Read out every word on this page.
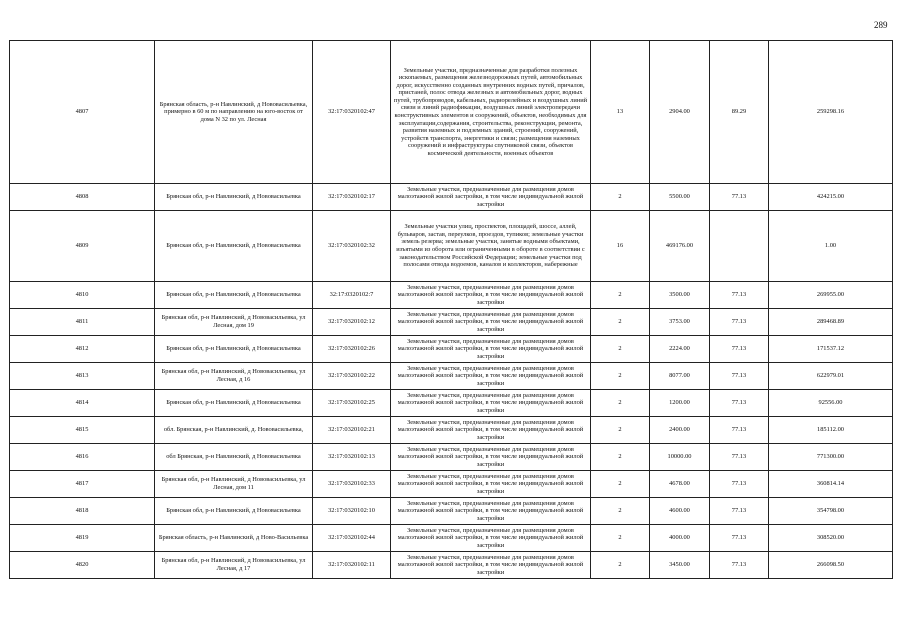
289
4807	Брянская область, р-н Навлинский, д Нововасильевка, примерно в 60 м по направлению на юго-восток от дома N 32 по ул. Лесная	32:17:0320102:47	Земельные участки, предназначенные для разработки полезных ископаемых, размещения железнодорожных путей, автомобильных дорог, искусственно созданных внутренних водных путей, причалов, пристаней, полос отвода железных и автомобильных дорог, водных путей, трубопроводов, кабельных, радиорелейных и воздушных линий связи и линий радиофикации, воздушных линий электропередачи конструктивных элементов и сооружений, объектов, необходимых для эксплуатации,содержания, строительства, реконструкции, ремонта, развития наземных и подземных зданий, строений, сооружений, устройств транспорта, энергетики и связи; размещения наземных сооружений и инфраструктуры спутниковой связи, объектов космической деятельности, военных объектов	13	2904.00	89.29	259298.16
4808	Брянская обл, р-н Навлинский, д Нововасильевка	32:17:0320102:17	Земельные участки, предназначенные для размещения домов малоэтажной жилой застройки, в том числе индивидуальной жилой застройки	2	5500.00	77.13	424215.00
4809	Брянская обл, р-н Навлинский, д Нововасильевка	32:17:0320102:32	Земельные участки улиц, проспектов, площадей, шоссе, аллей, бульваров, застав, переулков, проездов, тупиков; земельные участки земель резерва; земельные участки, занятые водными объектами, изъятыми из оборота или ограниченными в обороте в соответствии с законодательством Российской Федерации; земельные участки под полосами отвода водоемов, каналов и коллекторов, набережные	16	469176.00		1.00
4810	Брянская обл, р-н Навлинский, д Нововасильевка	32:17:0320102:7	Земельные участки, предназначенные для размещения домов малоэтажной жилой застройки, в том числе индивидуальной жилой застройки	2	3500.00	77.13	269955.00
4811	Брянская обл, р-н Навлинский, д Нововасильевка, ул Лесная, дом 19	32:17:0320102:12	Земельные участки, предназначенные для размещения домов малоэтажной жилой застройки, в том числе индивидуальной жилой застройки	2	3753.00	77.13	289468.89
4812	Брянская обл, р-н Навлинский, д Нововасильевка	32:17:0320102:26	Земельные участки, предназначенные для размещения домов малоэтажной жилой застройки, в том числе индивидуальной жилой застройки	2	2224.00	77.13	171537.12
4813	Брянская обл, р-н Навлинский, д Нововасильевка, ул Лесная, д 16	32:17:0320102:22	Земельные участки, предназначенные для размещения домов малоэтажной жилой застройки, в том числе индивидуальной жилой застройки	2	8077.00	77.13	622979.01
4814	Брянская обл, р-н Навлинский, д Нововасильевка	32:17:0320102:25	Земельные участки, предназначенные для размещения домов малоэтажной жилой застройки, в том числе индивидуальной жилой застройки	2	1200.00	77.13	92556.00
4815	обл. Брянская, р-н Навлинский, д. Нововасильевка,	32:17:0320102:21	Земельные участки, предназначенные для размещения домов малоэтажной жилой застройки, в том числе индивидуальной жилой застройки	2	2400.00	77.13	185112.00
4816	обл Брянская, р-н Навлинский, д Нововасильевка	32:17:0320102:13	Земельные участки, предназначенные для размещения домов малоэтажной жилой застройки, в том числе индивидуальной жилой застройки	2	10000.00	77.13	771300.00
4817	Брянская обл, р-н Навлинский, д Нововасильевка, ул Лесная, дом 11	32:17:0320102:33	Земельные участки, предназначенные для размещения домов малоэтажной жилой застройки, в том числе индивидуальной жилой застройки	2	4678.00	77.13	360814.14
4818	Брянская обл, р-н Навлинский, д Нововасильевка	32:17:0320102:10	Земельные участки, предназначенные для размещения домов малоэтажной жилой застройки, в том числе индивидуальной жилой застройки	2	4600.00	77.13	354798.00
4819	Брянская область, р-н Навлинский, д Ново-Васильевка	32:17:0320102:44	Земельные участки, предназначенные для размещения домов малоэтажной жилой застройки, в том числе индивидуальной жилой застройки	2	4000.00	77.13	308520.00
4820	Брянская обл, р-н Навлинский, д Нововасильевка, ул Лесная, д 17	32:17:0320102:11	Земельные участки, предназначенные для размещения домов малоэтажной жилой застройки, в том числе индивидуальной жилой застройки	2	3450.00	77.13	266098.50
